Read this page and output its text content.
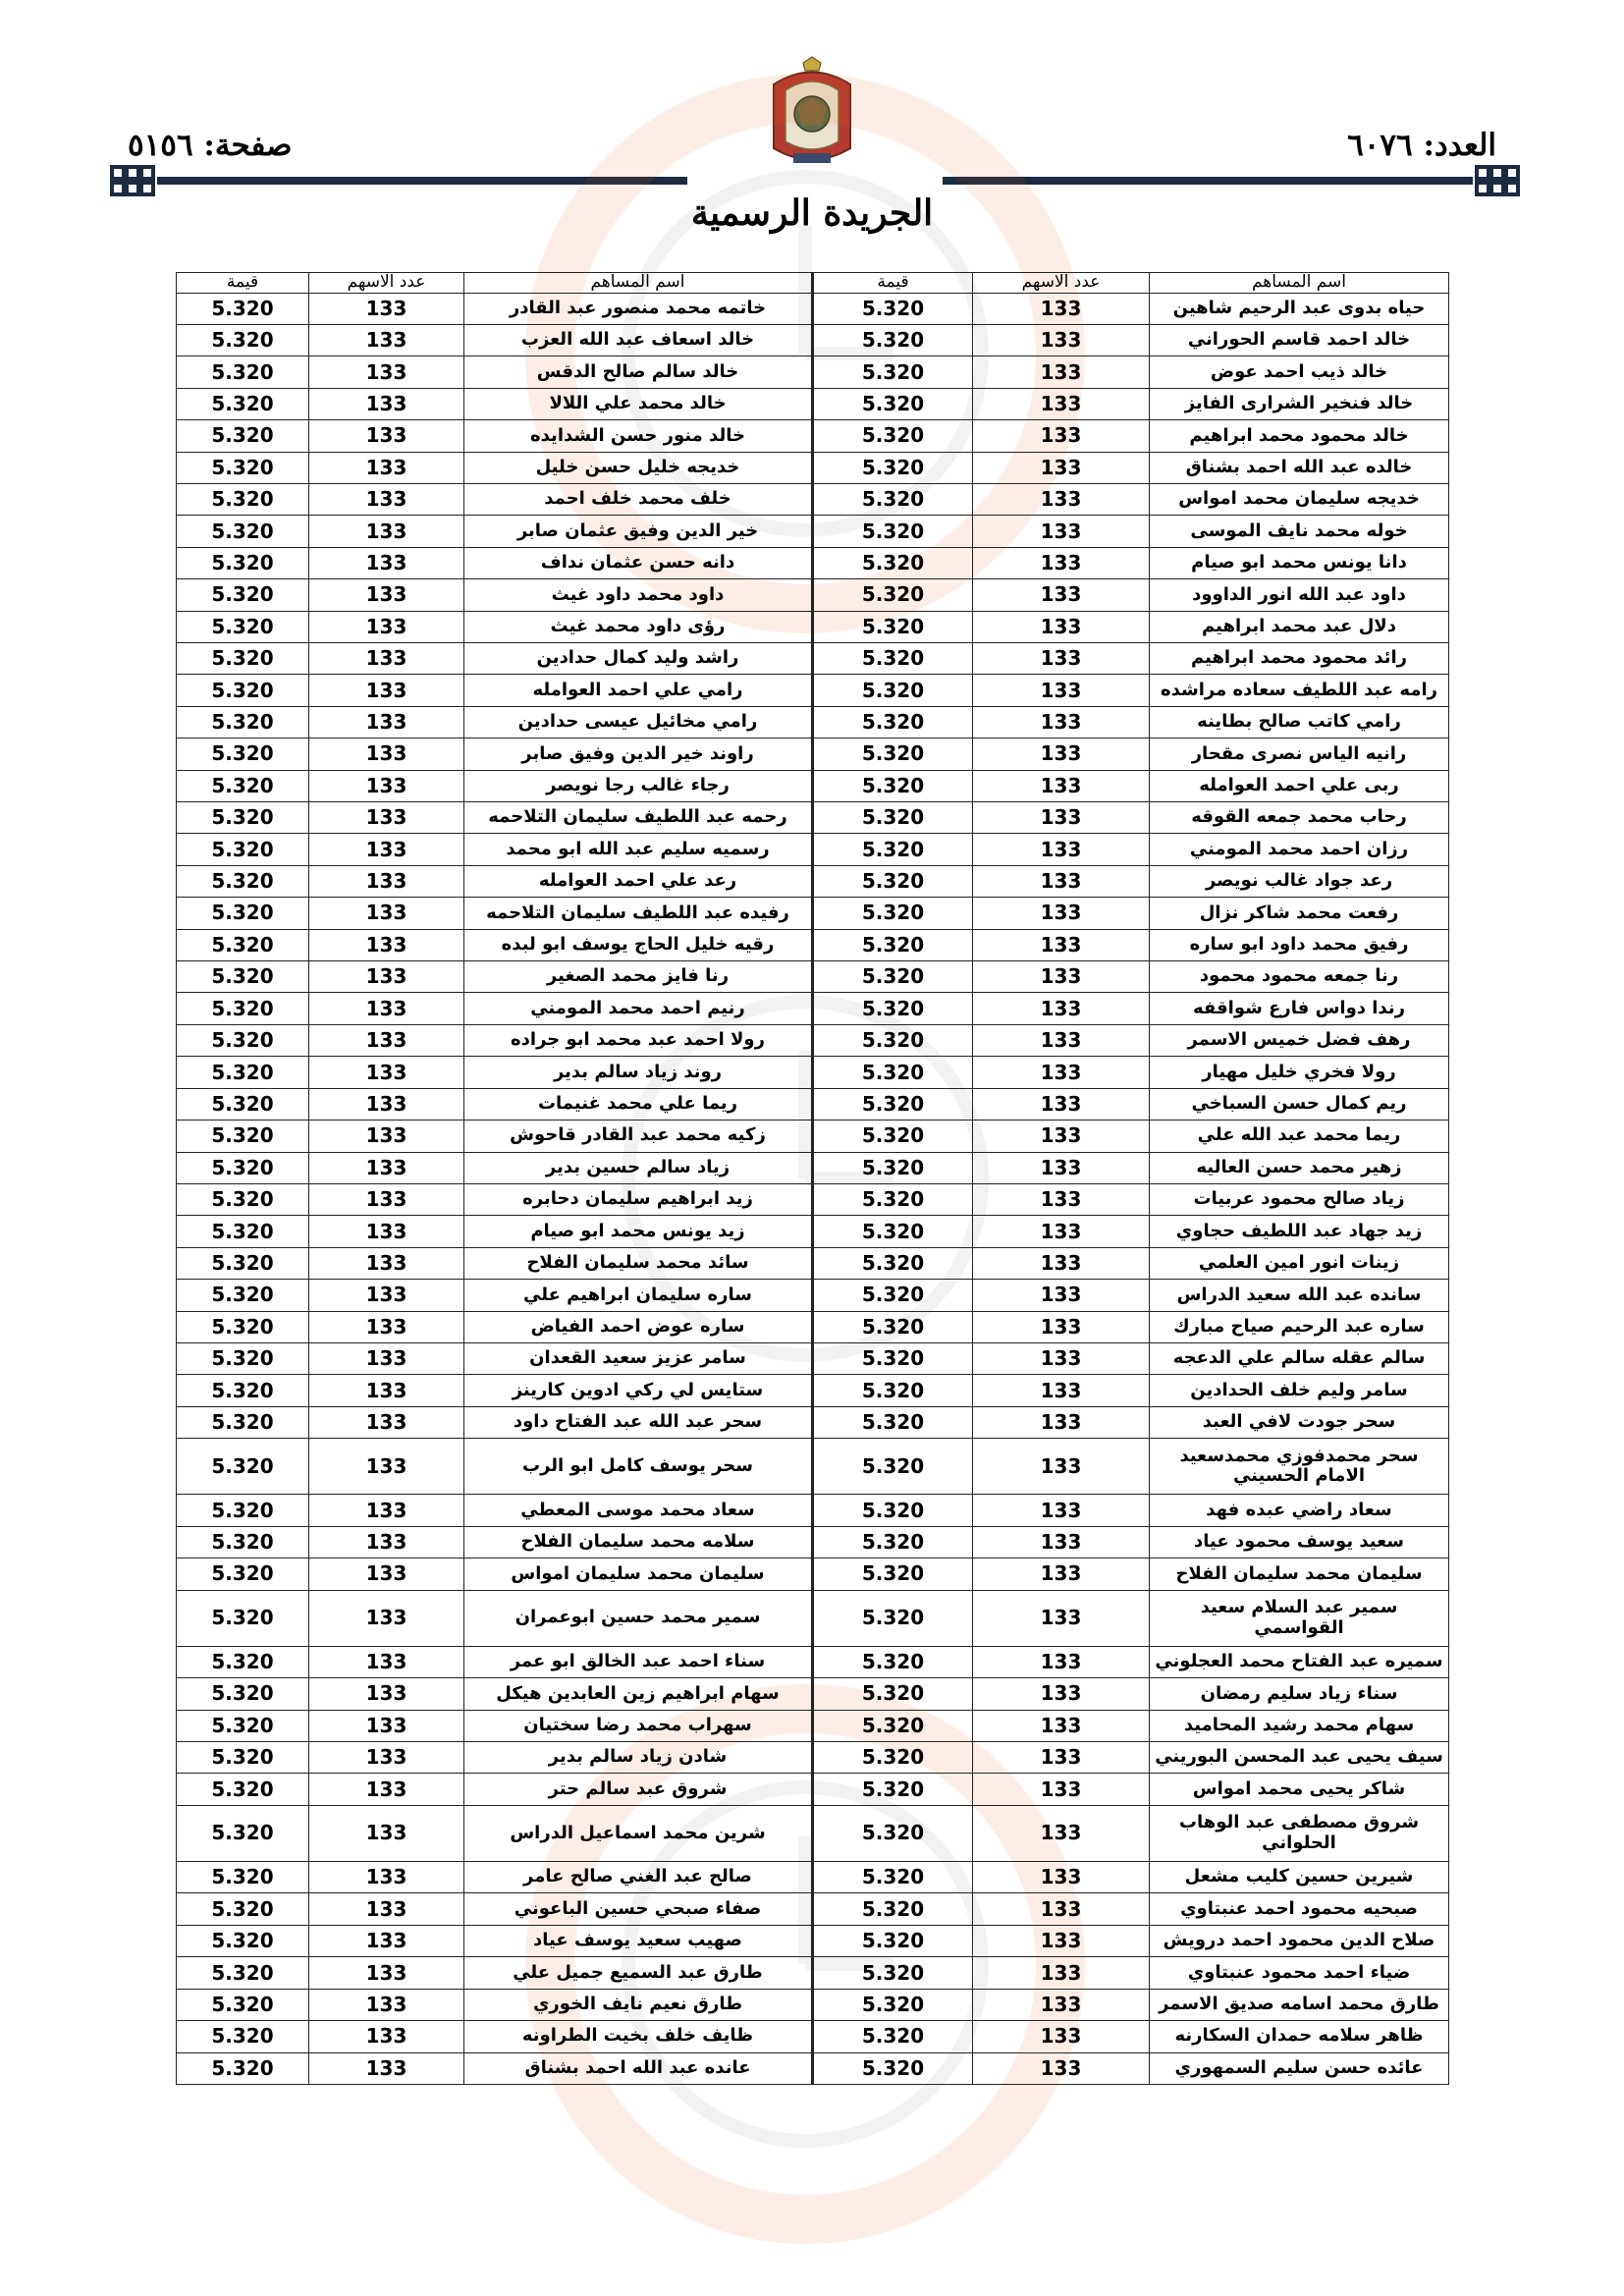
العدد: ٦٠٧٦
صفحة: ٥١٥٦
الجريدة الرسمية
اسم المساهم	عدد الاسهم	قيمة	اسم المساهم	عدد الاسهم	قيمة
حياه بدوى عبد الرحيم شاهين	133	5.320	خاتمه محمد منصور عبد القادر	133	5.320
خالد احمد قاسم الحوراني	133	5.320	خالد اسعاف عبد الله العزب	133	5.320
خالد ذيب احمد عوض	133	5.320	خالد سالم صالح الدقس	133	5.320
خالد فنخير الشرارى الفايز	133	5.320	خالد محمد علي اللالا	133	5.320
خالد محمود محمد ابراهيم	133	5.320	خالد منور حسن الشدايده	133	5.320
خالده عبد الله احمد بشناق	133	5.320	خديجه خليل حسن خليل	133	5.320
خديجه سليمان محمد امواس	133	5.320	خلف محمد خلف احمد	133	5.320
خوله محمد نايف الموسى	133	5.320	خير الدين وفيق عثمان صابر	133	5.320
دانا يونس محمد ابو صيام	133	5.320	دانه حسن عثمان نداف	133	5.320
داود عبد الله انور الداوود	133	5.320	داود محمد داود غيث	133	5.320
دلال عبد محمد ابراهيم	133	5.320	رؤى داود محمد غيث	133	5.320
رائد محمود محمد ابراهيم	133	5.320	راشد وليد كمال حدادين	133	5.320
رامه عبد اللطيف سعاده مراشده	133	5.320	رامي علي احمد العوامله	133	5.320
رامي كاتب صالح بطاينه	133	5.320	رامي مخائيل عيسى حدادين	133	5.320
رانيه الياس نصرى مقحار	133	5.320	راوند خير الدين وفيق صابر	133	5.320
ربى علي احمد العوامله	133	5.320	رجاء غالب رجا نويصر	133	5.320
رحاب محمد جمعه القوقه	133	5.320	رحمه عبد اللطيف سليمان التلاحمه	133	5.320
رزان احمد محمد المومني	133	5.320	رسميه سليم عبد الله ابو محمد	133	5.320
رعد جواد غالب نويصر	133	5.320	رعد علي احمد العوامله	133	5.320
رفعت محمد شاكر نزال	133	5.320	رفيده عبد اللطيف سليمان التلاحمه	133	5.320
رفيق محمد داود ابو ساره	133	5.320	رقيه خليل الحاج يوسف ابو لبده	133	5.320
رنا جمعه محمود محمود	133	5.320	رنا فايز محمد الصغير	133	5.320
رندا دواس فارع شواقفه	133	5.320	رنيم احمد محمد المومني	133	5.320
رهف فضل خميس الاسمر	133	5.320	رولا احمد عبد محمد ابو جراده	133	5.320
رولا فخري خليل مهيار	133	5.320	روند زياد سالم بدير	133	5.320
ريم كمال حسن السباخي	133	5.320	ريما علي محمد غنيمات	133	5.320
ريما محمد عبد الله علي	133	5.320	زكيه محمد عبد القادر قاحوش	133	5.320
زهير محمد حسن العاليه	133	5.320	زياد سالم حسين بدير	133	5.320
زياد صالح محمود عربيات	133	5.320	زيد ابراهيم سليمان دحابره	133	5.320
زيد جهاد عبد اللطيف حجاوي	133	5.320	زيد يونس محمد ابو صيام	133	5.320
زينات انور امين العلمي	133	5.320	سائد محمد سليمان الفلاح	133	5.320
سانده عبد الله سعيد الدراس	133	5.320	ساره سليمان ابراهيم علي	133	5.320
ساره عبد الرحيم صياح مبارك	133	5.320	ساره عوض احمد الفياض	133	5.320
سالم عقله سالم علي الدعجه	133	5.320	سامر عزيز سعيد القعدان	133	5.320
سامر وليم خلف الحدادين	133	5.320	ستايس لي ركي ادوين كارينز	133	5.320
سحر جودت لافي العبد	133	5.320	سحر عبد الله عبد الفتاح داود	133	5.320
سحر محمدفوزي محمدسعيد الامام الحسيني	133	5.320	سحر يوسف كامل ابو الرب	133	5.320
سعاد راضي عبده فهد	133	5.320	سعاد محمد موسى المعطي	133	5.320
سعيد يوسف محمود عياد	133	5.320	سلامه محمد سليمان الفلاح	133	5.320
سليمان محمد سليمان الفلاح	133	5.320	سليمان محمد سليمان امواس	133	5.320
سمير عبد السلام سعيد القواسمي	133	5.320	سمير محمد حسين ابوعمران	133	5.320
سميره عبد الفتاح محمد العجلوني	133	5.320	سناء احمد عبد الخالق ابو عمر	133	5.320
سناء زياد سليم رمضان	133	5.320	سهام ابراهيم زين العابدين هيكل	133	5.320
سهام محمد رشيد المحاميد	133	5.320	سهراب محمد رضا سختيان	133	5.320
سيف يحيى عبد المحسن البوريني	133	5.320	شادن زياد سالم بدير	133	5.320
شاكر يحيى محمد امواس	133	5.320	شروق عبد سالم حتر	133	5.320
شروق مصطفى عبد الوهاب الحلواني	133	5.320	شرين محمد اسماعيل الدراس	133	5.320
شيرين حسين كليب مشعل	133	5.320	صالح عبد الغني صالح عامر	133	5.320
صبحيه محمود احمد عنبتاوي	133	5.320	صفاء صبحي حسين الباعوني	133	5.320
صلاح الدين محمود احمد درويش	133	5.320	صهيب سعيد يوسف عياد	133	5.320
ضياء احمد محمود عنبتاوي	133	5.320	طارق عبد السميع جميل علي	133	5.320
طارق محمد اسامه صديق الاسمر	133	5.320	طارق نعيم نايف الخوري	133	5.320
ظاهر سلامه حمدان السكارنه	133	5.320	ظايف خلف بخيت الطراونه	133	5.320
عائده حسن سليم السمهوري	133	5.320	عانده عبد الله احمد بشناق	133	5.320
